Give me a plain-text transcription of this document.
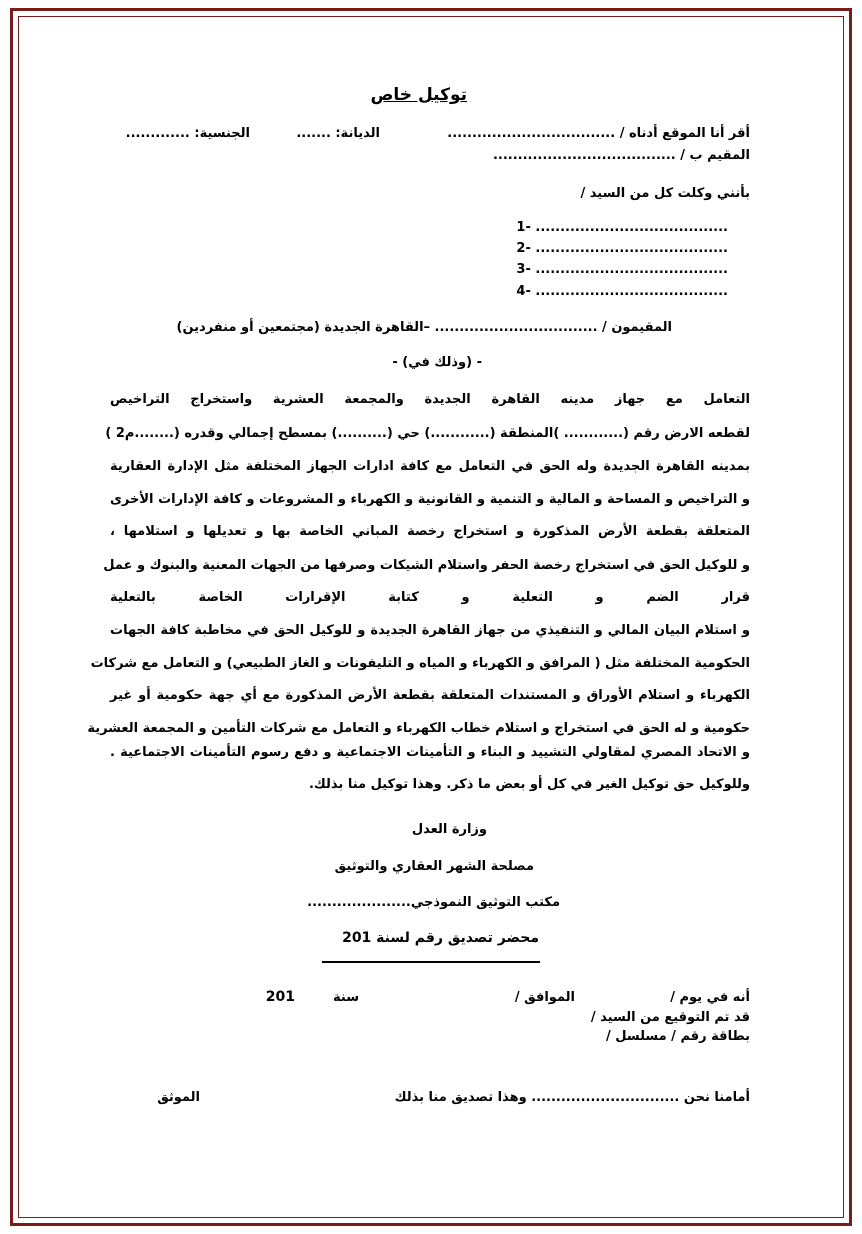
توكيل خاص
أقر أنا الموقع أدناه / ..................................
الديانة: .......
الجنسية: .............
المقيم ب / .....................................
بأنني وكلت كل من السيد /
1- .......................................
2- .......................................
3- .......................................
4- .......................................
المقيمون / ................................. –القاهرة الجديدة (مجتمعين أو منفردين)
- (وذلك في) -
التعامل مع جهاز مدينه القاهرة الجديدة والمجمعة العشرية واستخراج التراخيص
لقطعه الارض رقم (............ )المنطقة (............) حي (..........) بمسطح إجمالي وقدره (........م2 )
بمدينه القاهرة الجديدة وله الحق في التعامل مع كافة ادارات الجهاز المختلفة مثل الإدارة العقارية
و التراخيص و المساحة و المالية و التنمية و القانونية و الكهرباء و المشروعات و كافة الإدارات الأخرى
المتعلقة بقطعة الأرض المذكورة و استخراج رخصة المباني الخاصة بها و تعديلها و استلامها ،
و للوكيل الحق في استخراج رخصة الحفر واستلام الشيكات وصرفها من الجهات المعنية والبنوك و عمل
قرار الضم و التعلية و كتابة الإقرارات الخاصة بالتعلية
و استلام البيان المالي و التنفيذي من جهاز القاهرة الجديدة و للوكيل الحق في مخاطبة كافة الجهات
الحكومية المختلفة مثل ( المرافق و الكهرباء و المياه و التليفونات و الغاز الطبيعي) و التعامل مع شركات
الكهرباء و استلام الأوراق و المستندات المتعلقة بقطعة الأرض المذكورة مع أي جهة حكومية أو غير
حكومية و له الحق في استخراج و استلام خطاب الكهرباء و التعامل مع شركات التأمين و المجمعة العشرية
و الاتحاد المصري لمقاولي التشييد و البناء و التأمينات الاجتماعية و دفع رسوم التأمينات الاجتماعية .
وللوكيل حق توكيل الغير في كل أو بعض ما ذكر. وهذا توكيل منا بذلك.
وزارة العدل
مصلحة الشهر العقاري والتوثيق
مكتب التوثيق النموذجي.....................
محضر تصديق رقم لسنة 201
أنه في يوم /
الموافق /
سنة
201
قد تم التوقيع من السيد /
بطاقة رقم / مسلسل /
أمامنا نحن .............................. وهذا تصديق منا بذلك
الموثق
